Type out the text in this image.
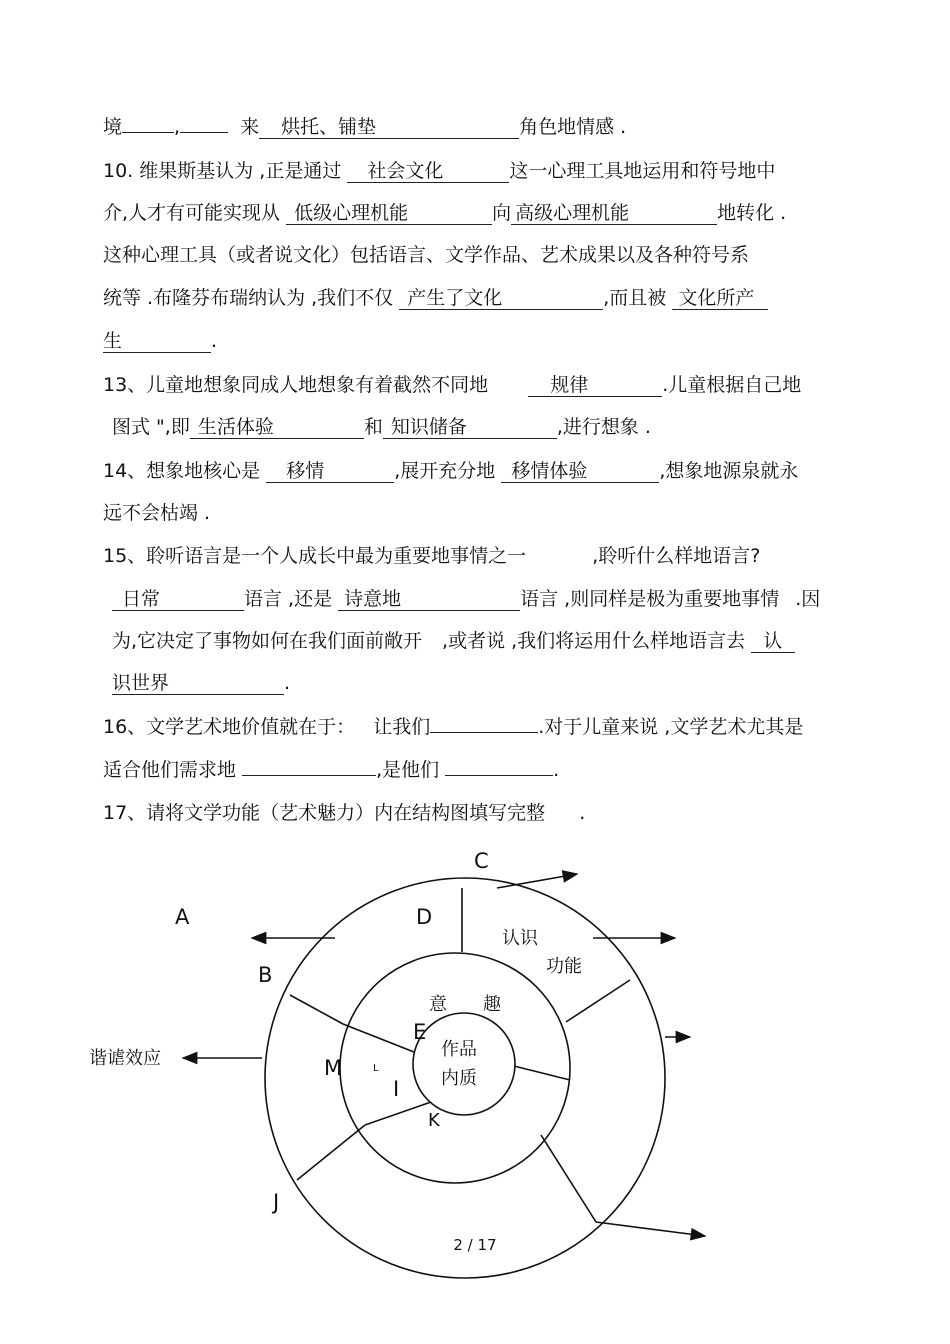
境	,	来 烘托、铺垫	角色地情感 .
10. 维果斯基认为 ,正是通过 社会文化	这一心理工具地运用和符号地中
介,人才有可能实现从 低级心理机能	向 高级心理机能	地转化 .
这种心理工具（或者说文化）包括语言、文学作品、艺术成果以及各种符号系
统等 .布隆芬布瑞纳认为 ,我们不仅 产生了文化	,而且被 文化所产
生	.
13、儿童地想象同成人地想象有着截然不同地	规律	.儿童根据自己地
图式 ",即 生活体验	和 知识储备	,进行想象 .
14、想象地核心是 移情	,展开充分地 移情体验	,想象地源泉就永
远不会枯竭 .
15、聆听语言是一个人成长中最为重要地事情之一	,聆听什么样地语言?
日常	语言 ,还是 诗意地	语言 ,则同样是极为重要地事情 .因
为,它决定了事物如何在我们面前敞开 ,或者说 ,我们将运用什么样地语言去 认
识世界	.
16、文学艺术地价值就在于： 让我们	.对于儿童来说 ,文学艺术尤其是
适合他们需求地	,是他们	.
17、请将文学功能（艺术魅力）内在结构图填写完整 .
C
A	D
B
E
M	L
I
K
J
认识
功能
意 趣
作品
内质
谐谑效应
2 / 17
